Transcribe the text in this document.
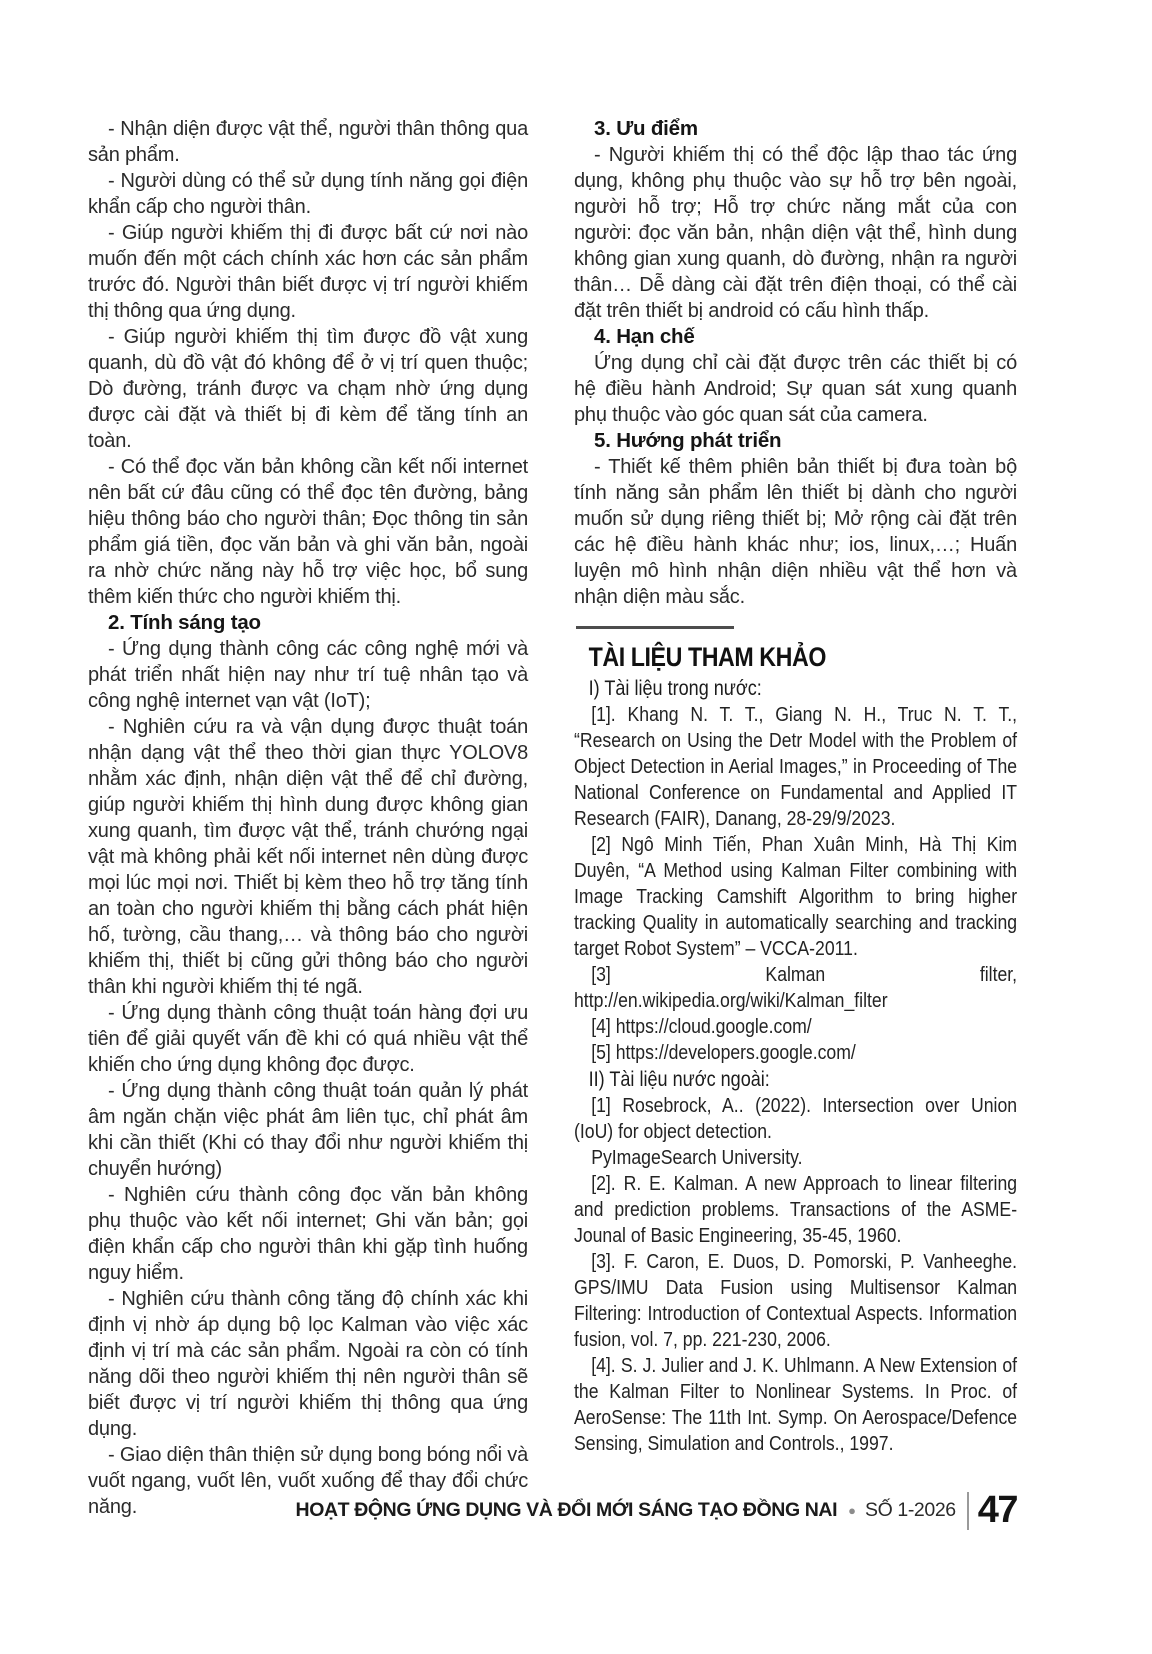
- Nhận diện được vật thể, người thân thông qua sản phẩm.

- Người dùng có thể sử dụng tính năng gọi điện khẩn cấp cho người thân.

- Giúp người khiếm thị đi được bất cứ nơi nào muốn đến một cách chính xác hơn các sản phẩm trước đó. Người thân biết được vị trí người khiếm thị thông qua ứng dụng.

- Giúp người khiếm thị tìm được đồ vật xung quanh, dù đồ vật đó không để ở vị trí quen thuộc; Dò đường, tránh được va chạm nhờ ứng dụng được cài đặt và thiết bị đi kèm để tăng tính an toàn.

- Có thể đọc văn bản không cần kết nối internet nên bất cứ đâu cũng có thể đọc tên đường, bảng hiệu thông báo cho người thân; Đọc thông tin sản phẩm giá tiền, đọc văn bản và ghi văn bản, ngoài ra nhờ chức năng này hỗ trợ việc học, bổ sung thêm kiến thức cho người khiếm thị.

2. Tính sáng tạo

- Ứng dụng thành công các công nghệ mới và phát triển nhất hiện nay như trí tuệ nhân tạo và công nghệ internet vạn vật (IoT);

- Nghiên cứu ra và vận dụng được thuật toán nhận dạng vật thể theo thời gian thực YOLOV8 nhằm xác định, nhận diện vật thể để chỉ đường, giúp người khiếm thị hình dung được không gian xung quanh, tìm được vật thể, tránh chướng ngại vật mà không phải kết nối internet nên dùng được mọi lúc mọi nơi. Thiết bị kèm theo hỗ trợ tăng tính an toàn cho người khiếm thị bằng cách phát hiện hố, tường, cầu thang,… và thông báo cho người khiếm thị, thiết bị cũng gửi thông báo cho người thân khi người khiếm thị té ngã.

- Ứng dụng thành công thuật toán hàng đợi ưu tiên để giải quyết vấn đề khi có quá nhiều vật thể khiến cho ứng dụng không đọc được.

- Ứng dụng thành công thuật toán quản lý phát âm ngăn chặn việc phát âm liên tục, chỉ phát âm khi cần thiết (Khi có thay đổi như người khiếm thị chuyển hướng)

- Nghiên cứu thành công đọc văn bản không phụ thuộc vào kết nối internet; Ghi văn bản; gọi điện khẩn cấp cho người thân khi gặp tình huống nguy hiểm.

- Nghiên cứu thành công tăng độ chính xác khi định vị nhờ áp dụng bộ lọc Kalman vào việc xác định vị trí mà các sản phẩm. Ngoài ra còn có tính năng dõi theo người khiếm thị nên người thân sẽ biết được vị trí người khiếm thị thông qua ứng dụng.

- Giao diện thân thiện sử dụng bong bóng nổi và vuốt ngang, vuốt lên, vuốt xuống để thay đổi chức năng.

3. Ưu điểm

- Người khiếm thị có thể độc lập thao tác ứng dụng, không phụ thuộc vào sự hỗ trợ bên ngoài, người hỗ trợ; Hỗ trợ chức năng mắt của con người: đọc văn bản, nhận diện vật thể, hình dung không gian xung quanh, dò đường, nhận ra người thân… Dễ dàng cài đặt trên điện thoại, có thể cài đặt trên thiết bị android có cấu hình thấp.

4. Hạn chế

Ứng dụng chỉ cài đặt được trên các thiết bị có hệ điều hành Android; Sự quan sát xung quanh phụ thuộc vào góc quan sát của camera.

5. Hướng phát triển

- Thiết kế thêm phiên bản thiết bị đưa toàn bộ tính năng sản phẩm lên thiết bị dành cho người muốn sử dụng riêng thiết bị; Mở rộng cài đặt trên các hệ điều hành khác như; ios, linux,…; Huấn luyện mô hình nhận diện nhiều vật thể hơn và nhận diện màu sắc.

TÀI LIỆU THAM KHẢO

I) Tài liệu trong nước:

[1]. Khang N. T. T., Giang N. H., Truc N. T. T., “Research on Using the Detr Model with the Problem of Object Detection in Aerial Images,” in Proceeding of The National Conference on Fundamental and Applied IT Research (FAIR), Danang, 28-29/9/2023.

[2] Ngô Minh Tiến, Phan Xuân Minh, Hà Thị Kim Duyên, “A Method using Kalman Filter combining with Image Tracking Camshift Algorithm to bring higher tracking Quality in automatically searching and tracking target Robot System” – VCCA-2011.

[3] Kalman filter, http://en.wikipedia.org/wiki/Kalman_filter

[4] https://cloud.google.com/

[5] https://developers.google.com/

II) Tài liệu nước ngoài:

[1] Rosebrock, A.. (2022). Intersection over Union (IoU) for object detection.

PyImageSearch University.

[2]. R. E. Kalman. A new Approach to linear filtering and prediction problems. Transactions of the ASME-Jounal of Basic Engineering, 35-45, 1960.

[3]. F. Caron, E. Duos, D. Pomorski, P. Vanheeghe. GPS/IMU Data Fusion using Multisensor Kalman Filtering: Introduction of Contextual Aspects. Information fusion, vol. 7, pp. 221-230, 2006.

[4]. S. J. Julier and J. K. Uhlmann. A New Extension of the Kalman Filter to Nonlinear Systems. In Proc. of AeroSense: The 11th Int. Symp. On Aerospace/Defence Sensing, Simulation and Controls., 1997.

HOẠT ĐỘNG ỨNG DỤNG VÀ ĐỔI MỚI SÁNG TẠO ĐỒNG NAI ● SỐ 1-2026 47
